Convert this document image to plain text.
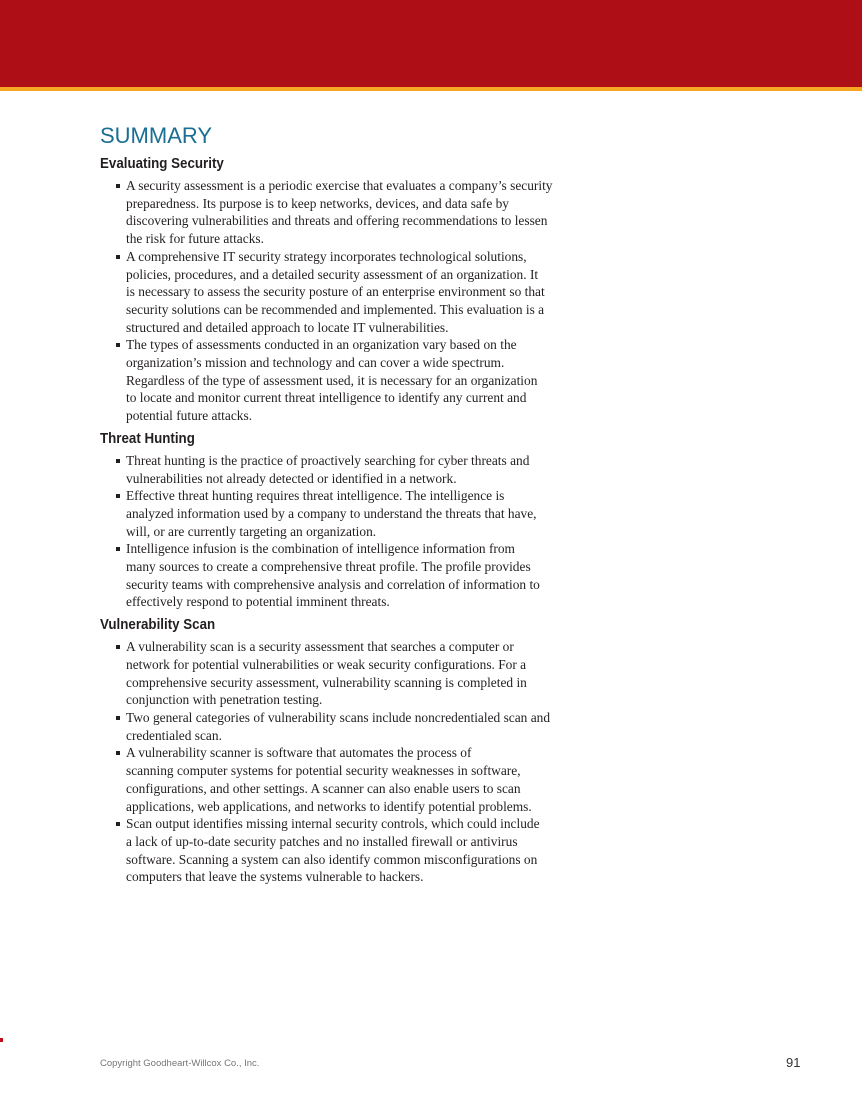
SUMMARY
Evaluating Security
A security assessment is a periodic exercise that evaluates a company’s security
preparedness. Its purpose is to keep networks, devices, and data safe by
discovering vulnerabilities and threats and offering recommendations to lessen
the risk for future attacks.
A comprehensive IT security strategy incorporates technological solutions,
policies, procedures, and a detailed security assessment of an organization. It
is necessary to assess the security posture of an enterprise environment so that
security solutions can be recommended and implemented. This evaluation is a
structured and detailed approach to locate IT vulnerabilities.
The types of assessments conducted in an organization vary based on the
organization’s mission and technology and can cover a wide spectrum.
Regardless of the type of assessment used, it is necessary for an organization
to locate and monitor current threat intelligence to identify any current and
potential future attacks.
Threat Hunting
Threat hunting is the practice of proactively searching for cyber threats and
vulnerabilities not already detected or identified in a network.
Effective threat hunting requires threat intelligence. The intelligence is
analyzed information used by a company to understand the threats that have,
will, or are currently targeting an organization.
Intelligence infusion is the combination of intelligence information from
many sources to create a comprehensive threat profile. The profile provides
security teams with comprehensive analysis and correlation of information to
effectively respond to potential imminent threats.
Vulnerability Scan
A vulnerability scan is a security assessment that searches a computer or
network for potential vulnerabilities or weak security configurations. For a
comprehensive security assessment, vulnerability scanning is completed in
conjunction with penetration testing.
Two general categories of vulnerability scans include noncredentialed scan and
credentialed scan.
A vulnerability scanner is software that automates the process of
scanning computer systems for potential security weaknesses in software,
configurations, and other settings. A scanner can also enable users to scan
applications, web applications, and networks to identify potential problems.
Scan output identifies missing internal security controls, which could include
a lack of up-to-date security patches and no installed firewall or antivirus
software. Scanning a system can also identify common misconfigurations on
computers that leave the systems vulnerable to hackers.
Copyright Goodheart-Willcox Co., Inc.	91
